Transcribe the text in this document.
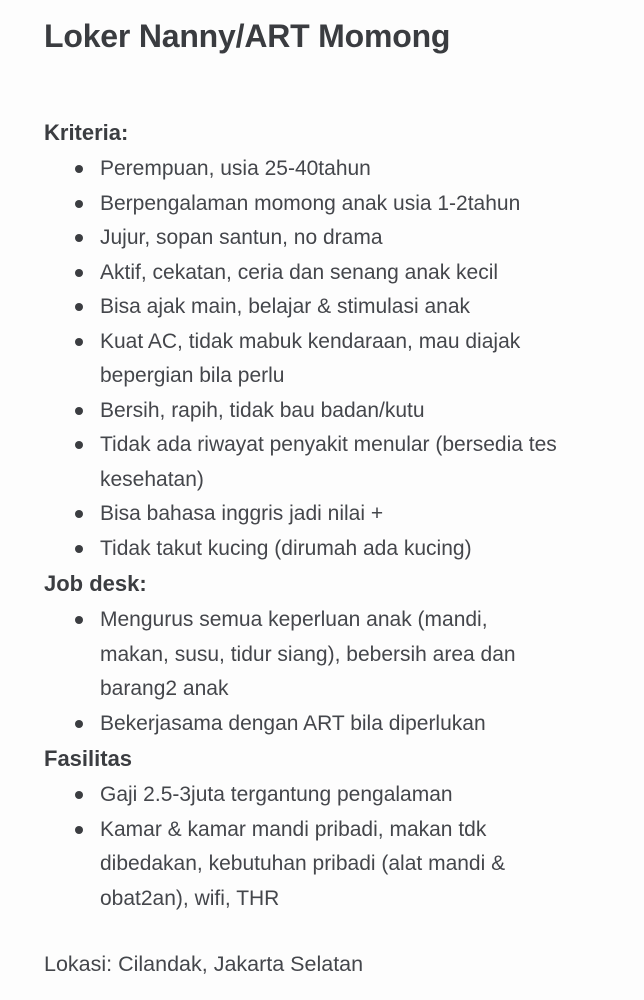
Loker Nanny/ART Momong
Kriteria:
Perempuan, usia 25-40tahun
Berpengalaman momong anak usia 1-2tahun
Jujur, sopan santun, no drama
Aktif, cekatan, ceria dan senang anak kecil
Bisa ajak main, belajar & stimulasi anak
Kuat AC, tidak mabuk kendaraan, mau diajak bepergian bila perlu
Bersih, rapih, tidak bau badan/kutu
Tidak ada riwayat penyakit menular (bersedia tes kesehatan)
Bisa bahasa inggris jadi nilai +
Tidak takut kucing (dirumah ada kucing)
Job desk:
Mengurus semua keperluan anak (mandi, makan, susu, tidur siang), bebersih area dan barang2 anak
Bekerjasama dengan ART bila diperlukan
Fasilitas
Gaji 2.5-3juta tergantung pengalaman
Kamar & kamar mandi pribadi, makan tdk dibedakan, kebutuhan pribadi (alat mandi & obat2an), wifi, THR

Lokasi: Cilandak, Jakarta Selatan
